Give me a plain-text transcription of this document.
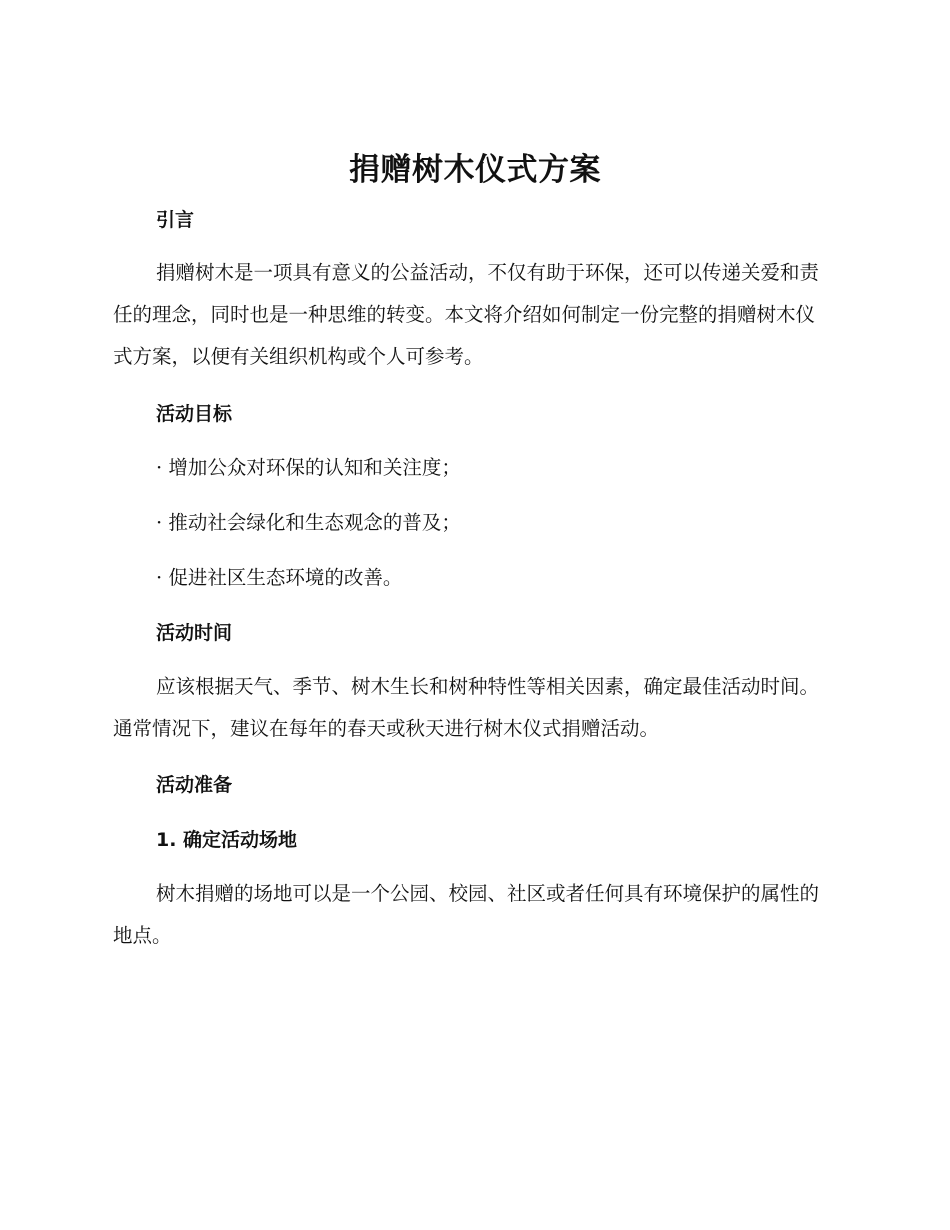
捐赠树木仪式方案
引言

捐赠树木是一项具有意义的公益活动，不仅有助于环保，还可以传递关爱和责任的理念，同时也是一种思维的转变。本文将介绍如何制定一份完整的捐赠树木仪式方案，以便有关组织机构或个人可参考。

活动目标
· 增加公众对环保的认知和关注度；
· 推动社会绿化和生态观念的普及；
· 促进社区生态环境的改善。
活动时间

应该根据天气、季节、树木生长和树种特性等相关因素，确定最佳活动时间。通常情况下，建议在每年的春天或秋天进行树木仪式捐赠活动。

活动准备
1. 确定活动场地

树木捐赠的场地可以是一个公园、校园、社区或者任何具有环境保护的属性的地点。
